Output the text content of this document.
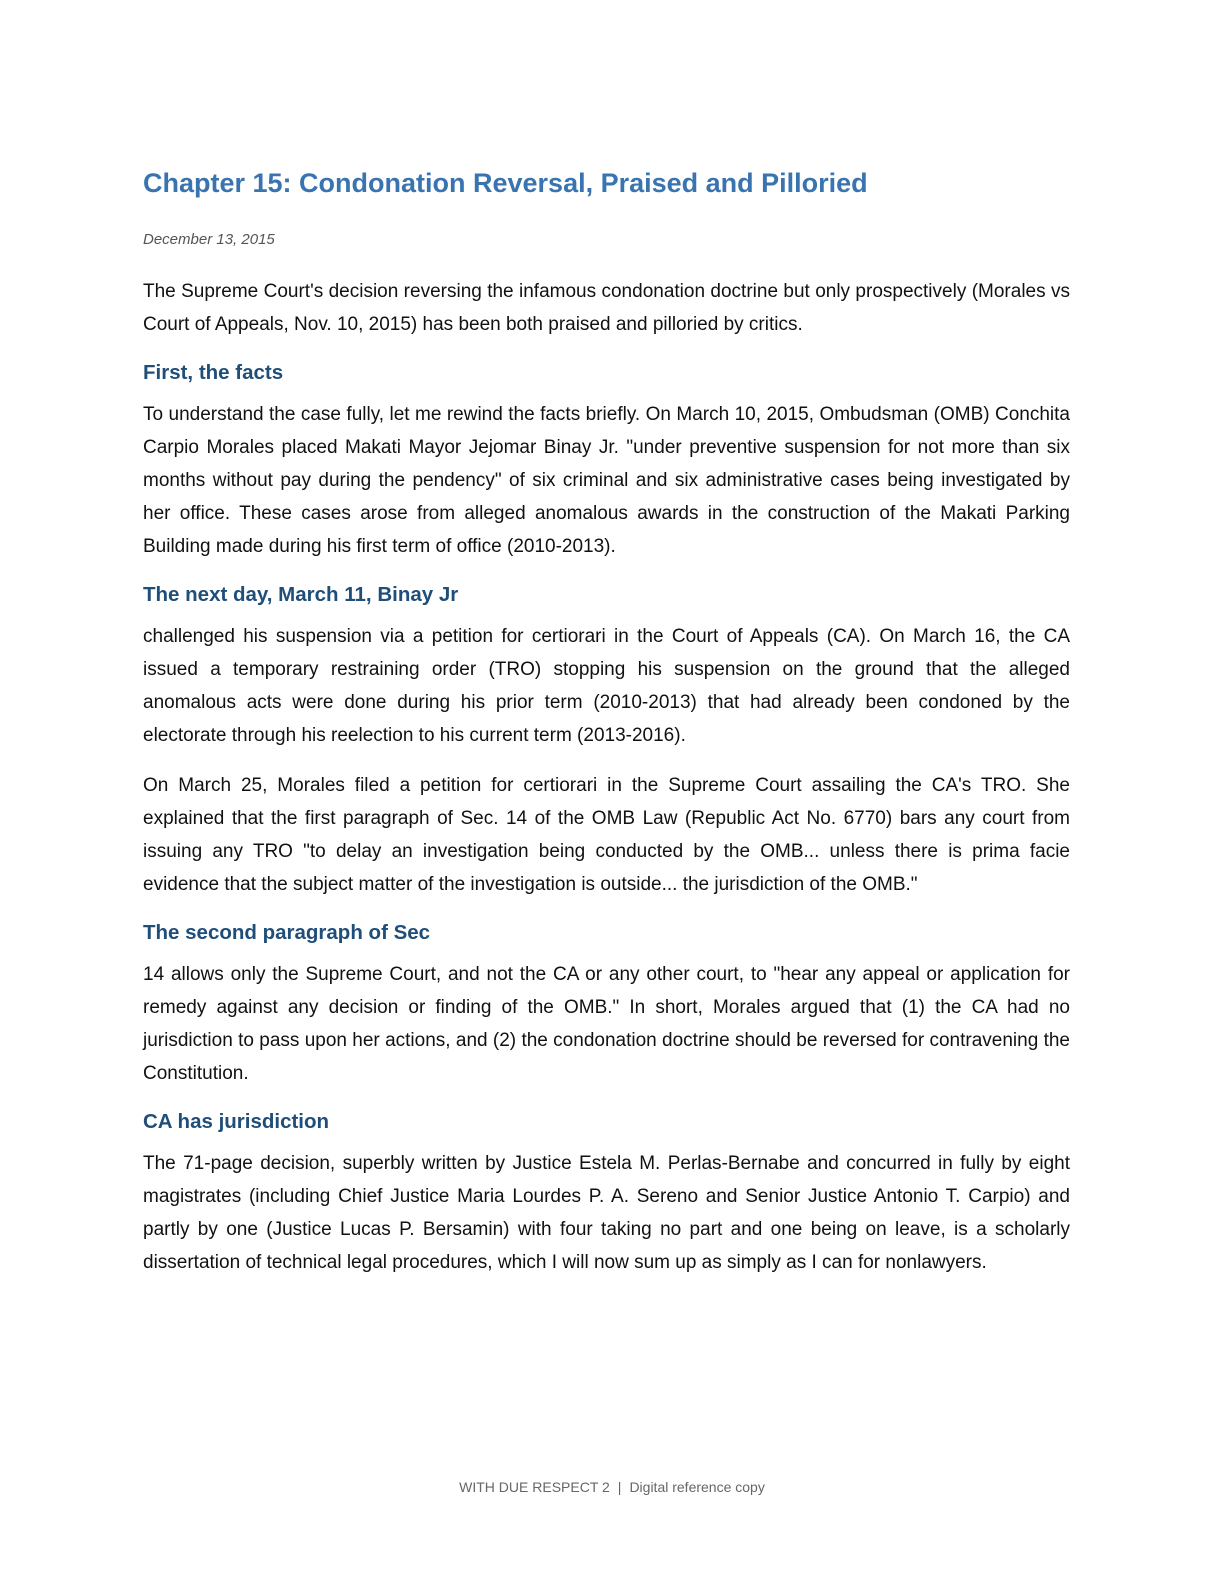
Chapter 15: Condonation Reversal, Praised and Pilloried

December 13, 2015

The Supreme Court's decision reversing the infamous condonation doctrine but only prospectively (Morales vs Court of Appeals, Nov. 10, 2015) has been both praised and pilloried by critics.

First, the facts

To understand the case fully, let me rewind the facts briefly. On March 10, 2015, Ombudsman (OMB) Conchita Carpio Morales placed Makati Mayor Jejomar Binay Jr. "under preventive suspension for not more than six months without pay during the pendency" of six criminal and six administrative cases being investigated by her office. These cases arose from alleged anomalous awards in the construction of the Makati Parking Building made during his first term of office (2010-2013).

The next day, March 11, Binay Jr

challenged his suspension via a petition for certiorari in the Court of Appeals (CA). On March 16, the CA issued a temporary restraining order (TRO) stopping his suspension on the ground that the alleged anomalous acts were done during his prior term (2010-2013) that had already been condoned by the electorate through his reelection to his current term (2013-2016).

On March 25, Morales filed a petition for certiorari in the Supreme Court assailing the CA's TRO. She explained that the first paragraph of Sec. 14 of the OMB Law (Republic Act No. 6770) bars any court from issuing any TRO "to delay an investigation being conducted by the OMB... unless there is prima facie evidence that the subject matter of the investigation is outside... the jurisdiction of the OMB."

The second paragraph of Sec

14 allows only the Supreme Court, and not the CA or any other court, to "hear any appeal or application for remedy against any decision or finding of the OMB." In short, Morales argued that (1) the CA had no jurisdiction to pass upon her actions, and (2) the condonation doctrine should be reversed for contravening the Constitution.

CA has jurisdiction

The 71-page decision, superbly written by Justice Estela M. Perlas-Bernabe and concurred in fully by eight magistrates (including Chief Justice Maria Lourdes P. A. Sereno and Senior Justice Antonio T. Carpio) and partly by one (Justice Lucas P. Bersamin) with four taking no part and one being on leave, is a scholarly dissertation of technical legal procedures, which I will now sum up as simply as I can for nonlawyers.

WITH DUE RESPECT 2 | Digital reference copy
